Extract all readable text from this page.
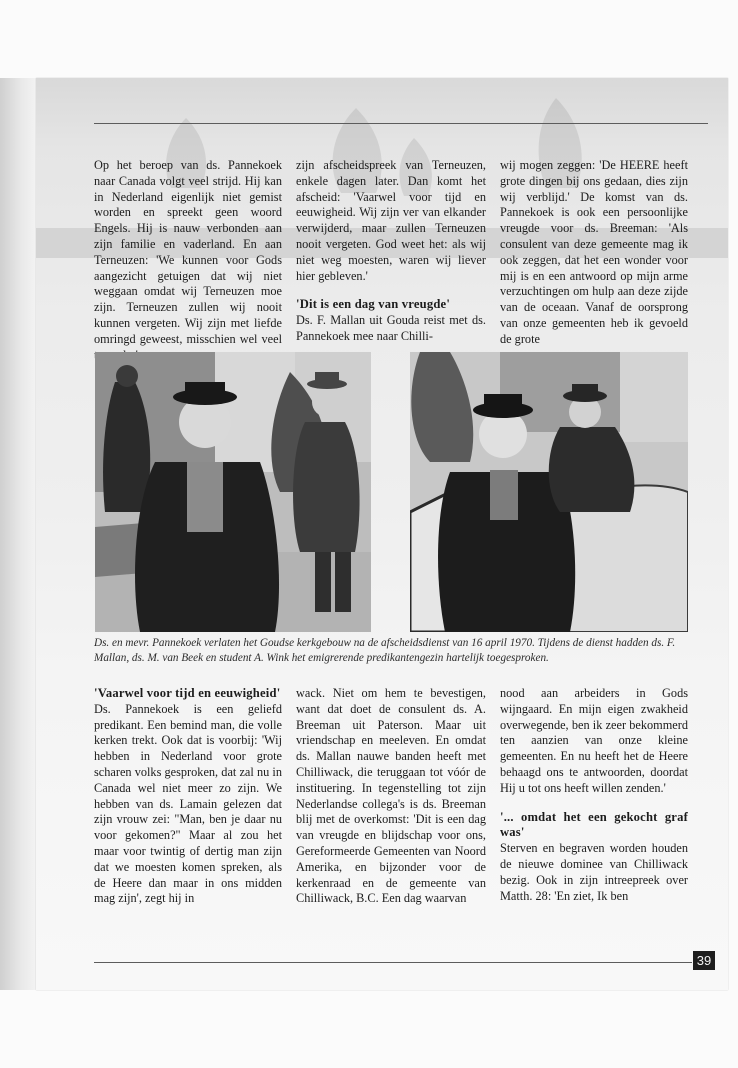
Op het beroep van ds. Pannekoek naar Canada volgt veel strijd. Hij kan in Nederland eigenlijk niet gemist worden en spreekt geen woord Engels. Hij is nauw verbonden aan zijn familie en vaderland. En aan Terneuzen: 'We kunnen voor Gods aangezicht getuigen dat wij niet weggaan omdat wij Terneuzen moe zijn. Terneuzen zullen wij nooit kunnen vergeten. Wij zijn met liefde omringd geweest, misschien wel veel

zijn afscheidspreek van Terneuzen, enkele dagen later. Dan komt het afscheid: 'Vaarwel voor tijd en eeuwigheid. Wij zijn ver van elkander verwijderd, maar zullen Terneuzen nooit vergeten. God weet het: als wij niet weg moesten, waren wij liever hier gebleven.'

'Dit is een dag van vreugde'

Ds. F. Mallan uit Gouda reist met ds. Pannekoek mee naar Chilli-

wij mogen zeggen: 'De HEERE heeft grote dingen bij ons gedaan, dies zijn wij verblijd.' De komst van ds. Pannekoek is ook een persoonlijke vreugde voor ds. Breeman: 'Als consulent van deze gemeente mag ik ook zeggen, dat het een wonder voor mij is en een antwoord op mijn arme verzuchtingen om hulp aan deze zijde van de oceaan. Vanaf de oorsprong van onze gemeenten heb ik gevoeld de grote

Ds. en mevr. Pannekoek verlaten het Goudse kerkgebouw na de afscheidsdienst van 16 april 1970. Tijdens de dienst hadden ds. F. Mallan, ds. M. van Beek en student A. Wink het emigrerende predikantengezin hartelijk toegesproken.

'Vaarwel voor tijd en eeuwigheid'

Ds. Pannekoek is een geliefd predikant. Een bemind man, die volle kerken trekt. Ook dat is voorbij: 'Wij hebben in Nederland voor grote scharen volks gesproken, dat zal nu in Canada wel niet meer zo zijn. We hebben van ds. Lamain gelezen dat zijn vrouw zei: "Man, ben je daar nu voor gekomen?" Maar al zou het maar voor twintig of dertig man zijn dat we moesten komen spreken, als de Heere dan maar in ons midden mag zijn', zegt hij in

wack. Niet om hem te bevestigen, want dat doet de consulent ds. A. Breeman uit Paterson. Maar uit vriendschap en meeleven. En omdat ds. Mallan nauwe banden heeft met Chilliwack, die teruggaan tot vóór de instituering. In tegenstelling tot zijn Nederlandse collega's is ds. Breeman blij met de overkomst: 'Dit is een dag van vreugde en blijdschap voor ons, Gereformeerde Gemeenten van Noord Amerika, en bijzonder voor de kerkenraad en de gemeente van Chilliwack, B.C. Een dag waarvan

nood aan arbeiders in Gods wijngaard. En mijn eigen zwakheid overwegende, ben ik zeer bekommerd ten aanzien van onze kleine gemeenten. En nu heeft het de Heere behaagd ons te antwoorden, doordat Hij u tot ons heeft willen zenden.'

'... omdat het een gekocht graf was'

Sterven en begraven worden houden de nieuwe dominee van Chilliwack bezig. Ook in zijn intreepreek over Matth. 28: 'En ziet, Ik ben

39
